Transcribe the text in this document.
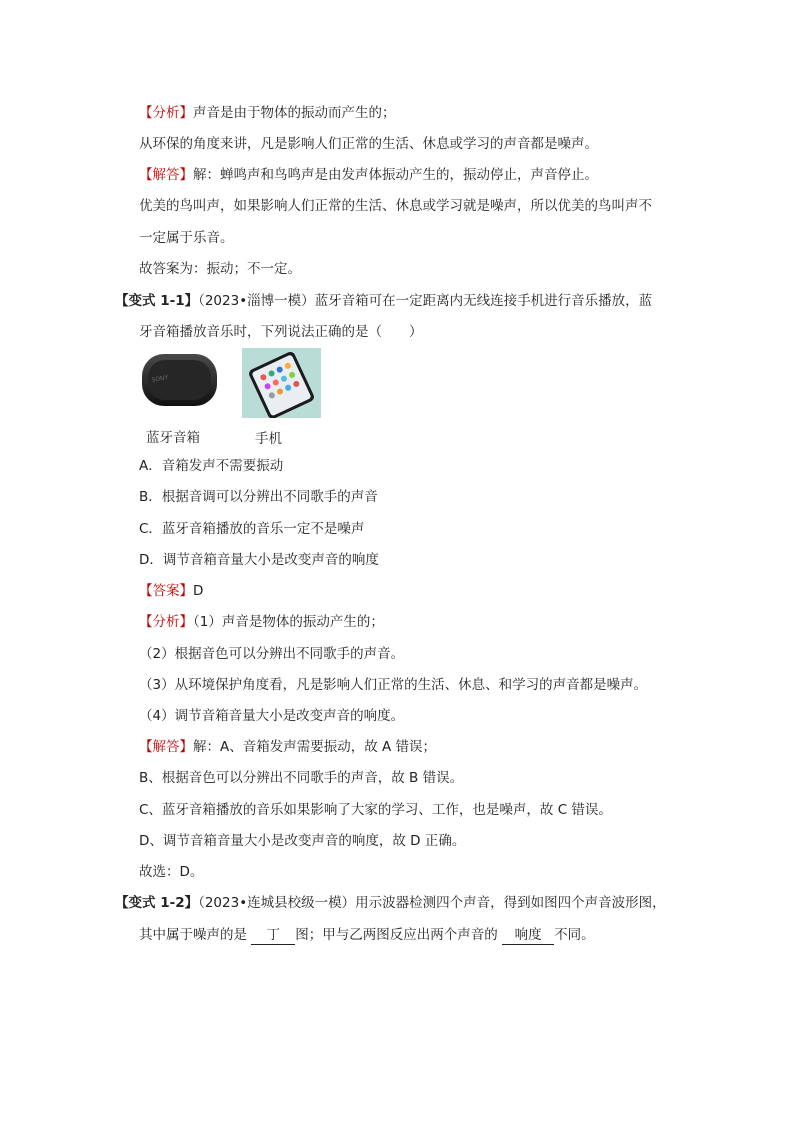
【分析】声音是由于物体的振动而产生的；
从环保的角度来讲，凡是影响人们正常的生活、休息或学习的声音都是噪声。
【解答】解：蝉鸣声和鸟鸣声是由发声体振动产生的，振动停止，声音停止。
优美的鸟叫声，如果影响人们正常的生活、休息或学习就是噪声，所以优美的鸟叫声不
一定属于乐音。
故答案为：振动；不一定。
【变式 1-1】（2023•淄博一模）蓝牙音箱可在一定距离内无线连接手机进行音乐播放，蓝
牙音箱播放音乐时，下列说法正确的是（　　）
SONY
蓝牙音箱	手机
A．音箱发声不需要振动
B．根据音调可以分辨出不同歌手的声音
C．蓝牙音箱播放的音乐一定不是噪声
D．调节音箱音量大小是改变声音的响度
【答案】D
【分析】（1）声音是物体的振动产生的；
（2）根据音色可以分辨出不同歌手的声音。
（3）从环境保护角度看，凡是影响人们正常的生活、休息、和学习的声音都是噪声。
（4）调节音箱音量大小是改变声音的响度。
【解答】解：A、音箱发声需要振动，故 A 错误；
B、根据音色可以分辨出不同歌手的声音，故 B 错误。
C、蓝牙音箱播放的音乐如果影响了大家的学习、工作，也是噪声，故 C 错误。
D、调节音箱音量大小是改变声音的响度，故 D 正确。
故选：D。
【变式 1-2】（2023•连城县校级一模）用示波器检测四个声音，得到如图四个声音波形图，
其中属于噪声的是 丁 图；甲与乙两图反应出两个声音的 响度 不同。
